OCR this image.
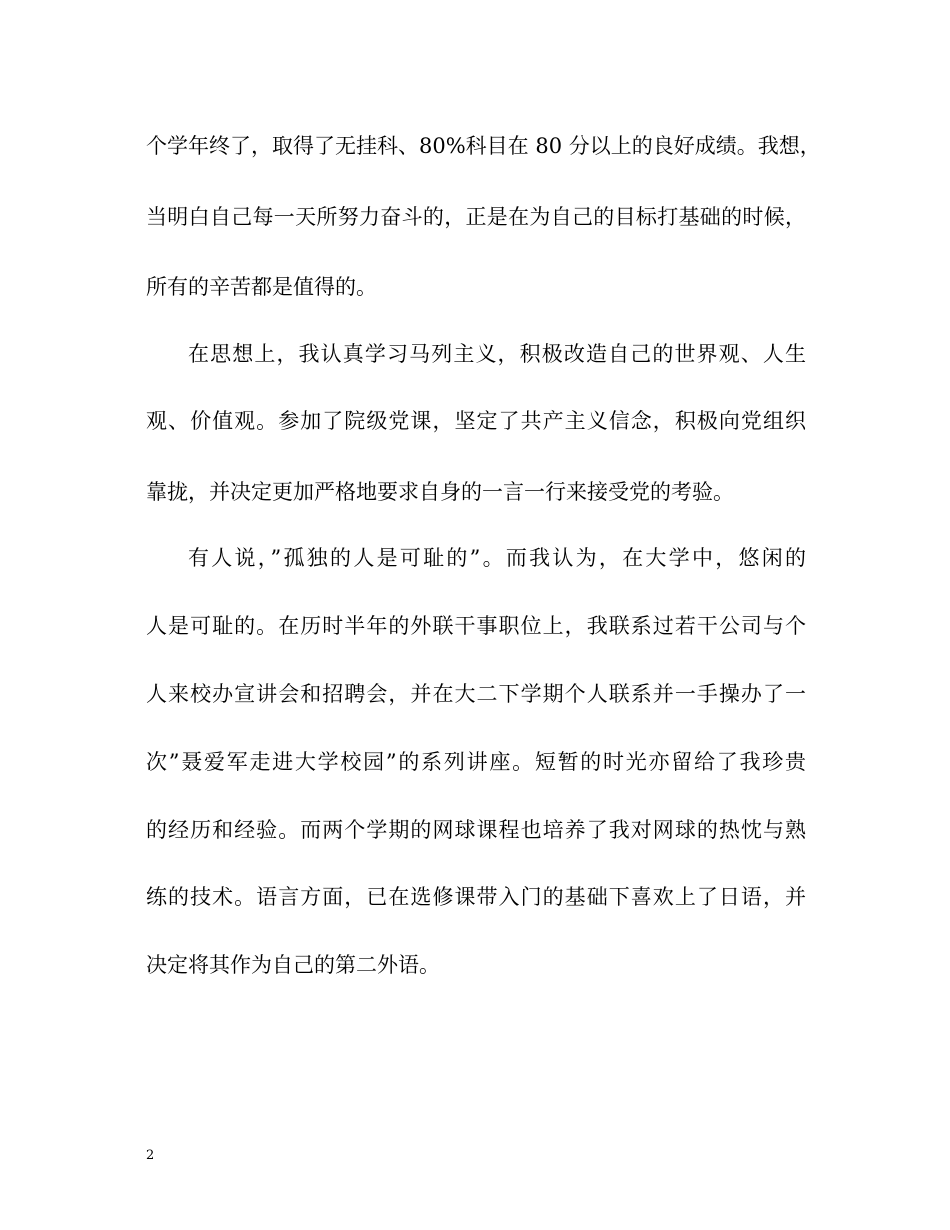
个学年终了，取得了无挂科、80%科目在 80 分以上的良好成绩。我想，

当明白自己每一天所努力奋斗的，正是在为自己的目标打基础的时候，

所有的辛苦都是值得的。

在思想上，我认真学习马列主义，积极改造自己的世界观、人生

观、价值观。参加了院级党课，坚定了共产主义信念，积极向党组织

靠拢，并决定更加严格地要求自身的一言一行来接受党的考验。

有人说，”孤独的人是可耻的”。而我认为，在大学中，悠闲的

人是可耻的。在历时半年的外联干事职位上，我联系过若干公司与个

人来校办宣讲会和招聘会，并在大二下学期个人联系并一手操办了一

次”聂爱军走进大学校园”的系列讲座。短暂的时光亦留给了我珍贵

的经历和经验。而两个学期的网球课程也培养了我对网球的热忱与熟

练的技术。语言方面，已在选修课带入门的基础下喜欢上了日语，并

决定将其作为自己的第二外语。

2
